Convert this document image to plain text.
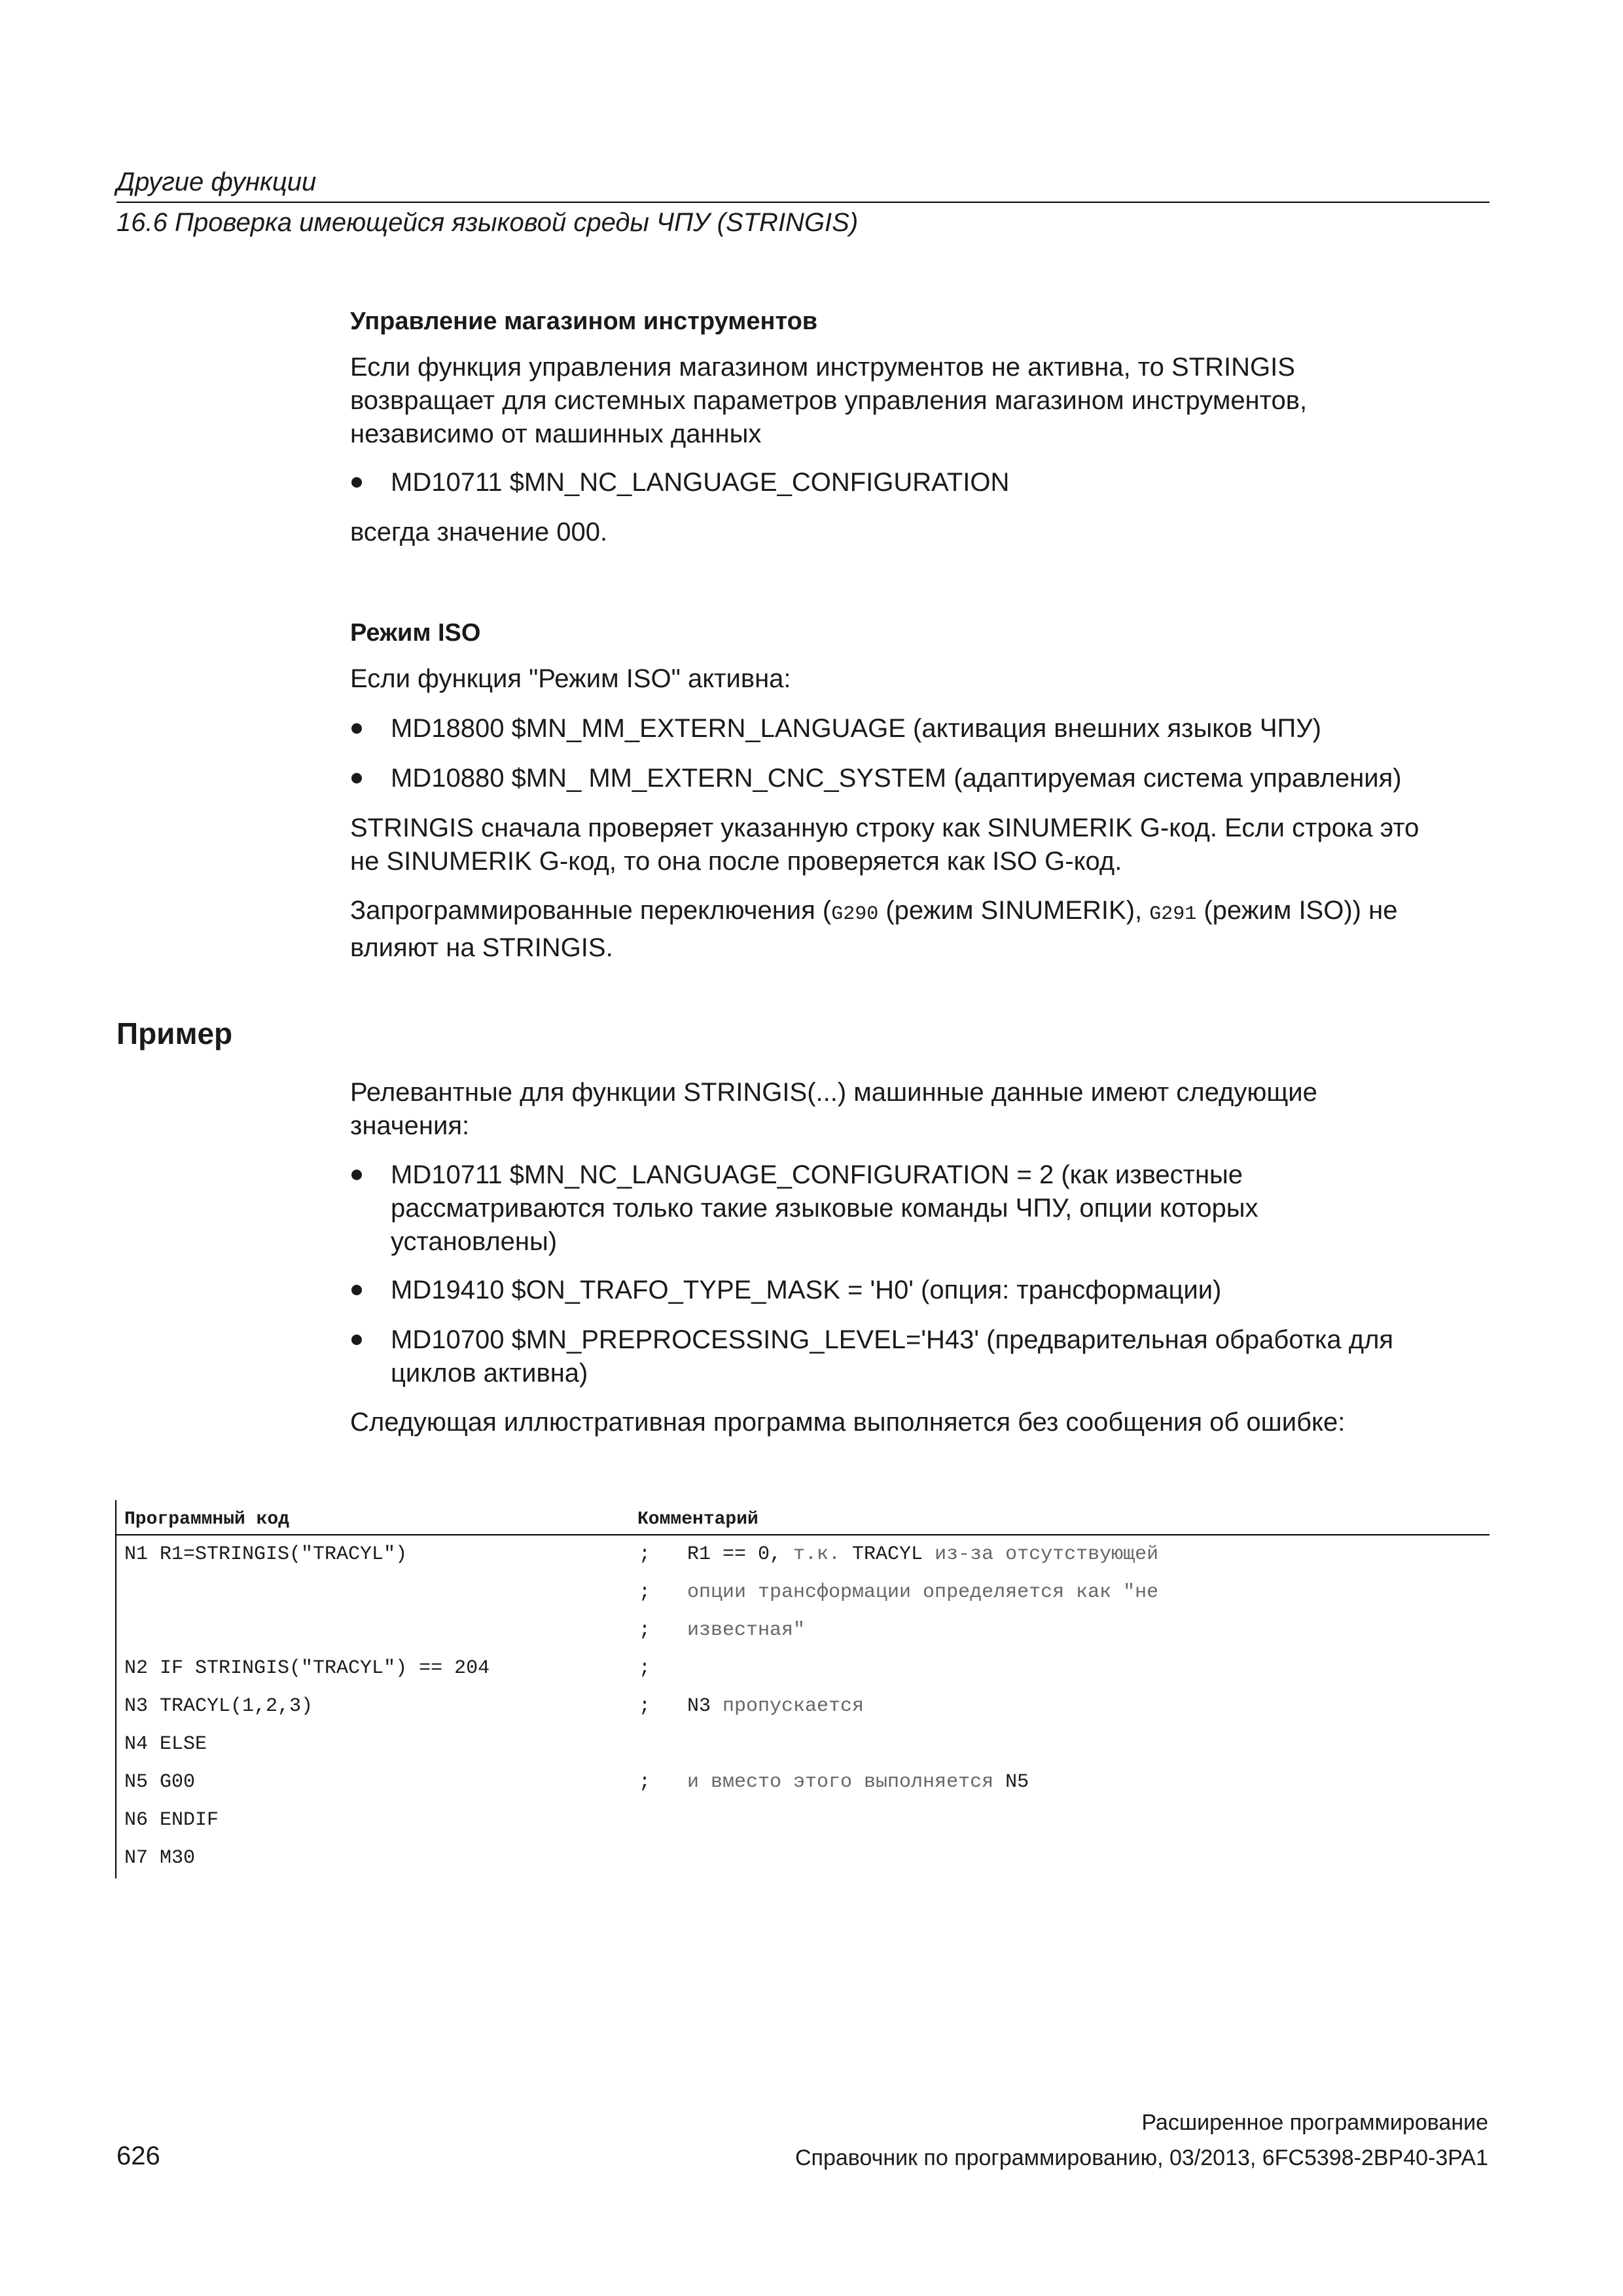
Другие функции
16.6 Проверка имеющейся языковой среды ЧПУ (STRINGIS)
Управление магазином инструментов
Если функция управления магазином инструментов не активна, то STRINGIS
возвращает для системных параметров управления магазином инструментов,
независимо от машинных данных
MD10711 $MN_NC_LANGUAGE_CONFIGURATION
всегда значение 000.
Режим ISO
Если функция "Режим ISO" активна:
MD18800 $MN_MM_EXTERN_LANGUAGE (активация внешних языков ЧПУ)
MD10880 $MN_ MM_EXTERN_CNC_SYSTEM (адаптируемая система управления)
STRINGIS сначала проверяет указанную строку как SINUMERIK G-код. Если строка это
не SINUMERIK G-код, то она после проверяется как ISO G-код.
Запрограммированные переключения (G290 (режим SINUMERIK), G291 (режим ISO)) не
влияют на STRINGIS.
Пример
Релевантные для функции STRINGIS(...) машинные данные имеют следующие
значения:
MD10711 $MN_NC_LANGUAGE_CONFIGURATION = 2 (как известные
рассматриваются только такие языковые команды ЧПУ, опции которых
установлены)
MD19410 $ON_TRAFO_TYPE_MASK = 'H0' (опция: трансформации)
MD10700 $MN_PREPROCESSING_LEVEL='H43' (предварительная обработка для
циклов активна)
Следующая иллюстративная программа выполняется без сообщения об ошибке:
Программный код	Комментарий
N1 R1=STRINGIS("TRACYL")	; R1 == 0, т.к. TRACYL из-за отсутствующей
; опции трансформации определяется как "не
; известная"
N2 IF STRINGIS("TRACYL") == 204	;
N3 TRACYL(1,2,3)	; N3 пропускается
N4 ELSE
N5 G00	; и вместо этого выполняется N5
N6 ENDIF
N7 M30
Расширенное программирование
626	Справочник по программированию, 03/2013, 6FC5398-2BP40-3PA1
